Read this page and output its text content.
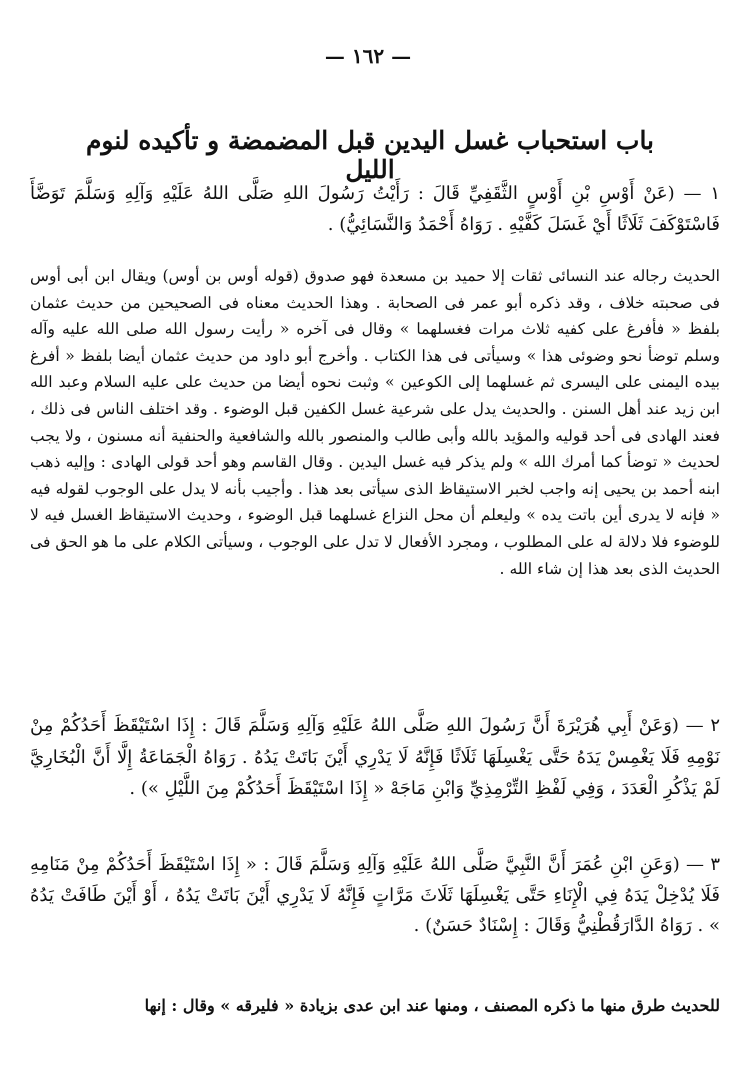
— ١٦٢ —
باب استحباب غسل اليدين قبل المضمضة و تأكيده لنوم الليل

١ — (عَنْ أَوْسِ بْنِ أَوْسٍ الثَّقَفِيِّ قَالَ : رَأَيْتُ رَسُولَ اللهِ صَلَّى اللهُ عَلَيْهِ وَآلِهِ وَسَلَّمَ تَوَضَّأَ فَاسْتَوْكَفَ ثَلَاثًا أَيْ غَسَلَ كَفَّيْهِ . رَوَاهُ أَحْمَدُ وَالنَّسَائِيُّ) .

الحديث رجاله عند النسائى ثقات إلا حميد بن مسعدة فهو صدوق (قوله أوس بن أوس) ويقال ابن أبى أوس فى صحبته خلاف ، وقد ذكره أبو عمر فى الصحابة . وهذا الحديث معناه فى الصحيحين من حديث عثمان بلفظ « فأفرغ على كفيه ثلاث مرات فغسلهما » وقال فى آخره « رأيت رسول الله صلى الله عليه وآله وسلم توضأ نحو وضوئى هذا » وسيأتى فى هذا الكتاب . وأخرج أبو داود من حديث عثمان أيضا بلفظ « أفرغ بيده اليمنى على اليسرى ثم غسلهما إلى الكوعين » وثبت نحوه أيضا من حديث على عليه السلام وعبد الله ابن زيد عند أهل السنن . والحديث يدل على شرعية غسل الكفين قبل الوضوء . وقد اختلف الناس فى ذلك ، فعند الهادى فى أحد قوليه والمؤيد بالله وأبى طالب والمنصور بالله والشافعية والحنفية أنه مسنون ، ولا يجب لحديث « توضأ كما أمرك الله » ولم يذكر فيه غسل اليدين . وقال القاسم وهو أحد قولى الهادى : وإليه ذهب ابنه أحمد بن يحيى إنه واجب لخبر الاستيقاظ الذى سيأتى بعد هذا . وأجيب بأنه لا يدل على الوجوب لقوله فيه « فإنه لا يدرى أين باتت يده » وليعلم أن محل النزاع غسلهما قبل الوضوء ، وحديث الاستيقاظ الغسل فيه لا للوضوء فلا دلالة له على المطلوب ، ومجرد الأفعال لا تدل على الوجوب ، وسيأتى الكلام على ما هو الحق فى الحديث الذى بعد هذا إن شاء الله .

٢ — (وَعَنْ أَبِي هُرَيْرَةَ أَنَّ رَسُولَ اللهِ صَلَّى اللهُ عَلَيْهِ وَآلِهِ وَسَلَّمَ قَالَ : إِذَا اسْتَيْقَظَ أَحَدُكُمْ مِنْ نَوْمِهِ فَلَا يَغْمِسْ يَدَهُ حَتَّى يَغْسِلَهَا ثَلَاثًا فَإِنَّهُ لَا يَدْرِي أَيْنَ بَاتَتْ يَدُهُ . رَوَاهُ الْجَمَاعَةُ إِلَّا أَنَّ الْبُخَارِيَّ لَمْ يَذْكُرِ الْعَدَدَ ، وَفِي لَفْظِ التِّرْمِذِيِّ وَابْنِ مَاجَهْ « إِذَا اسْتَيْقَظَ أَحَدُكُمْ مِنَ اللَّيْلِ ») .

٣ — (وَعَنِ ابْنِ عُمَرَ أَنَّ النَّبِيَّ صَلَّى اللهُ عَلَيْهِ وَآلِهِ وَسَلَّمَ قَالَ : « إِذَا اسْتَيْقَظَ أَحَدُكُمْ مِنْ مَنَامِهِ فَلَا يُدْخِلْ يَدَهُ فِي الْإِنَاءِ حَتَّى يَغْسِلَهَا ثَلَاثَ مَرَّاتٍ فَإِنَّهُ لَا يَدْرِي أَيْنَ بَاتَتْ يَدُهُ ، أَوْ أَيْنَ طَافَتْ يَدُهُ » . رَوَاهُ الدَّارَقُطْنِيُّ وَقَالَ : إِسْنَادٌ حَسَنٌ) .

للحديث طرق منها ما ذكره المصنف ، ومنها عند ابن عدى بزيادة « فليرقه » وقال : إنها
